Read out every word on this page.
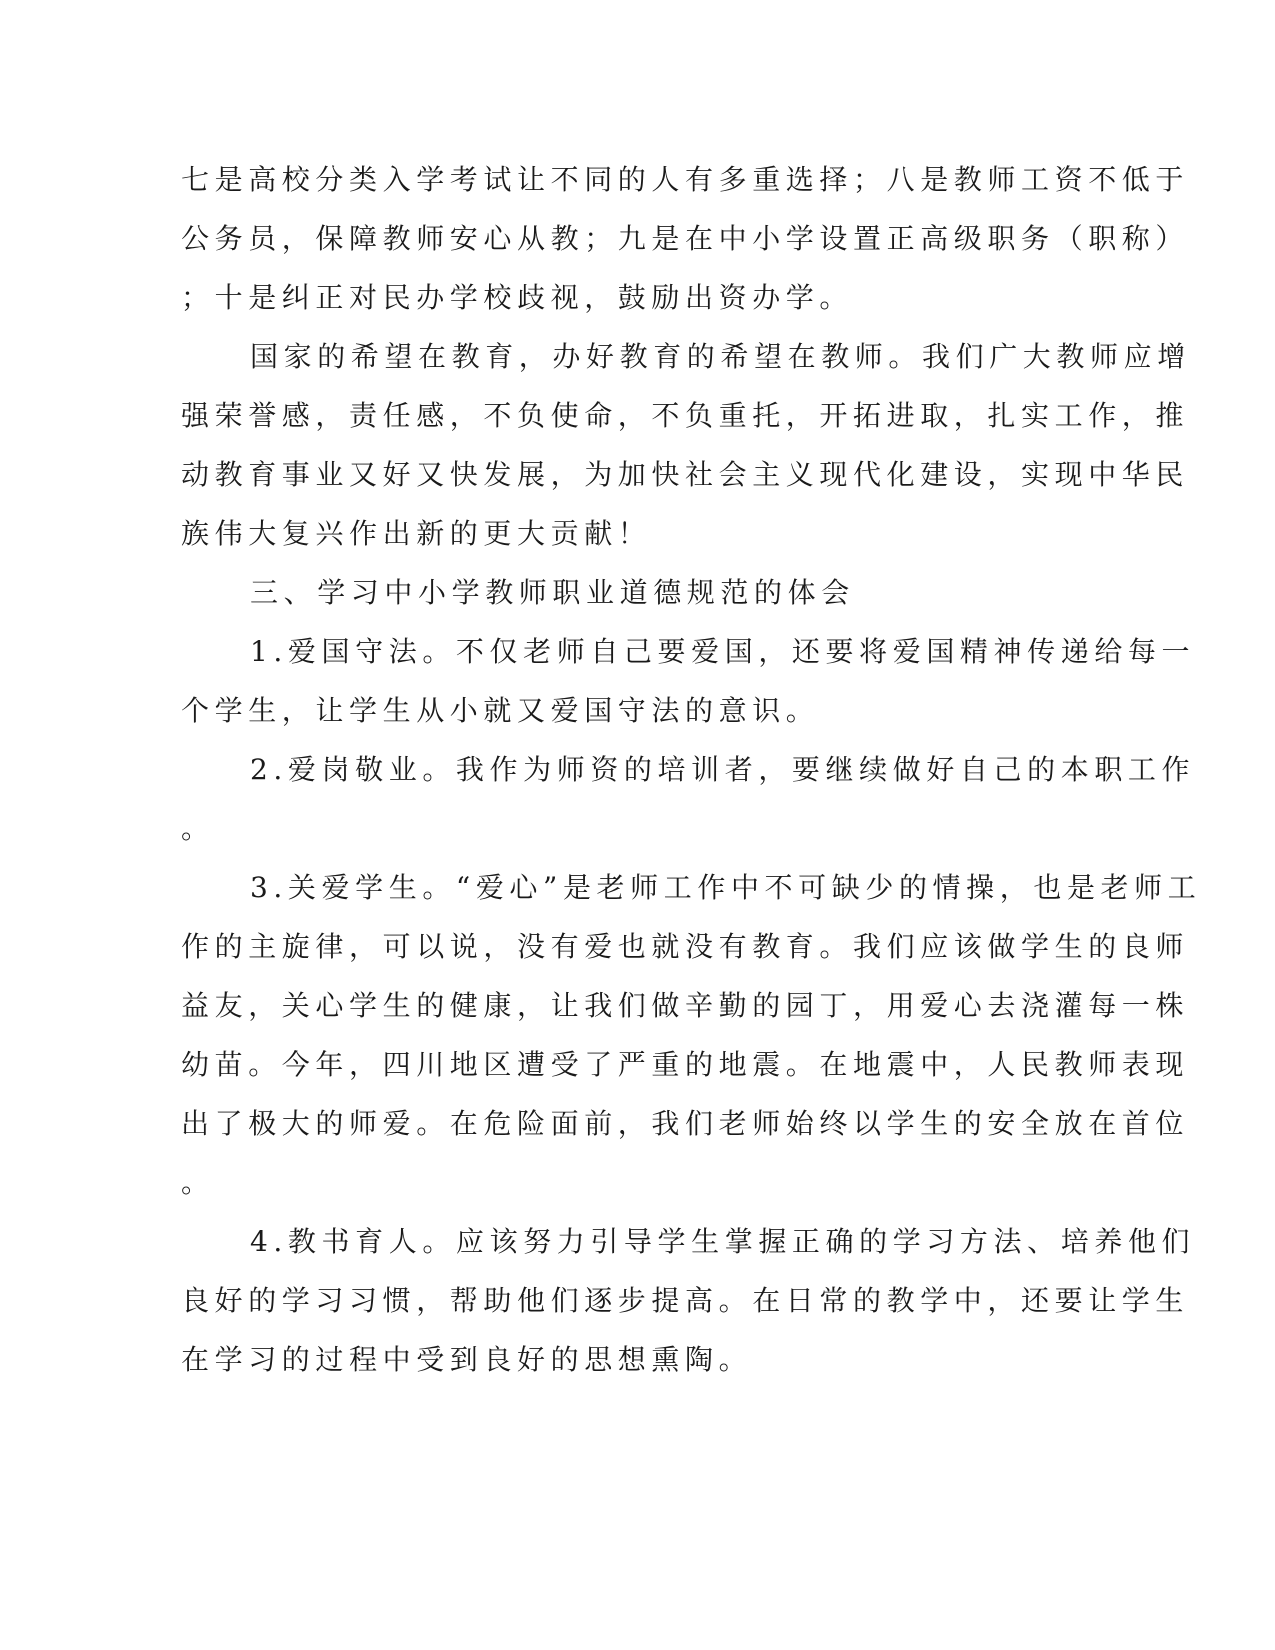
七是高校分类入学考试让不同的人有多重选择；八是教师工资不低于
公务员，保障教师安心从教；九是在中小学设置正高级职务（职称）
；十是纠正对民办学校歧视，鼓励出资办学。
国家的希望在教育，办好教育的希望在教师。我们广大教师应增
强荣誉感，责任感，不负使命，不负重托，开拓进取，扎实工作，推
动教育事业又好又快发展，为加快社会主义现代化建设，实现中华民
族伟大复兴作出新的更大贡献！
三、学习中小学教师职业道德规范的体会
1.爱国守法。不仅老师自己要爱国，还要将爱国精神传递给每一
个学生，让学生从小就又爱国守法的意识。
2.爱岗敬业。我作为师资的培训者，要继续做好自己的本职工作
。
3.关爱学生。“爱心”是老师工作中不可缺少的情操，也是老师工
作的主旋律，可以说，没有爱也就没有教育。我们应该做学生的良师
益友，关心学生的健康，让我们做辛勤的园丁，用爱心去浇灌每一株
幼苗。今年，四川地区遭受了严重的地震。在地震中，人民教师表现
出了极大的师爱。在危险面前，我们老师始终以学生的安全放在首位
。
4.教书育人。应该努力引导学生掌握正确的学习方法、培养他们
良好的学习习惯，帮助他们逐步提高。在日常的教学中，还要让学生
在学习的过程中受到良好的思想熏陶。
